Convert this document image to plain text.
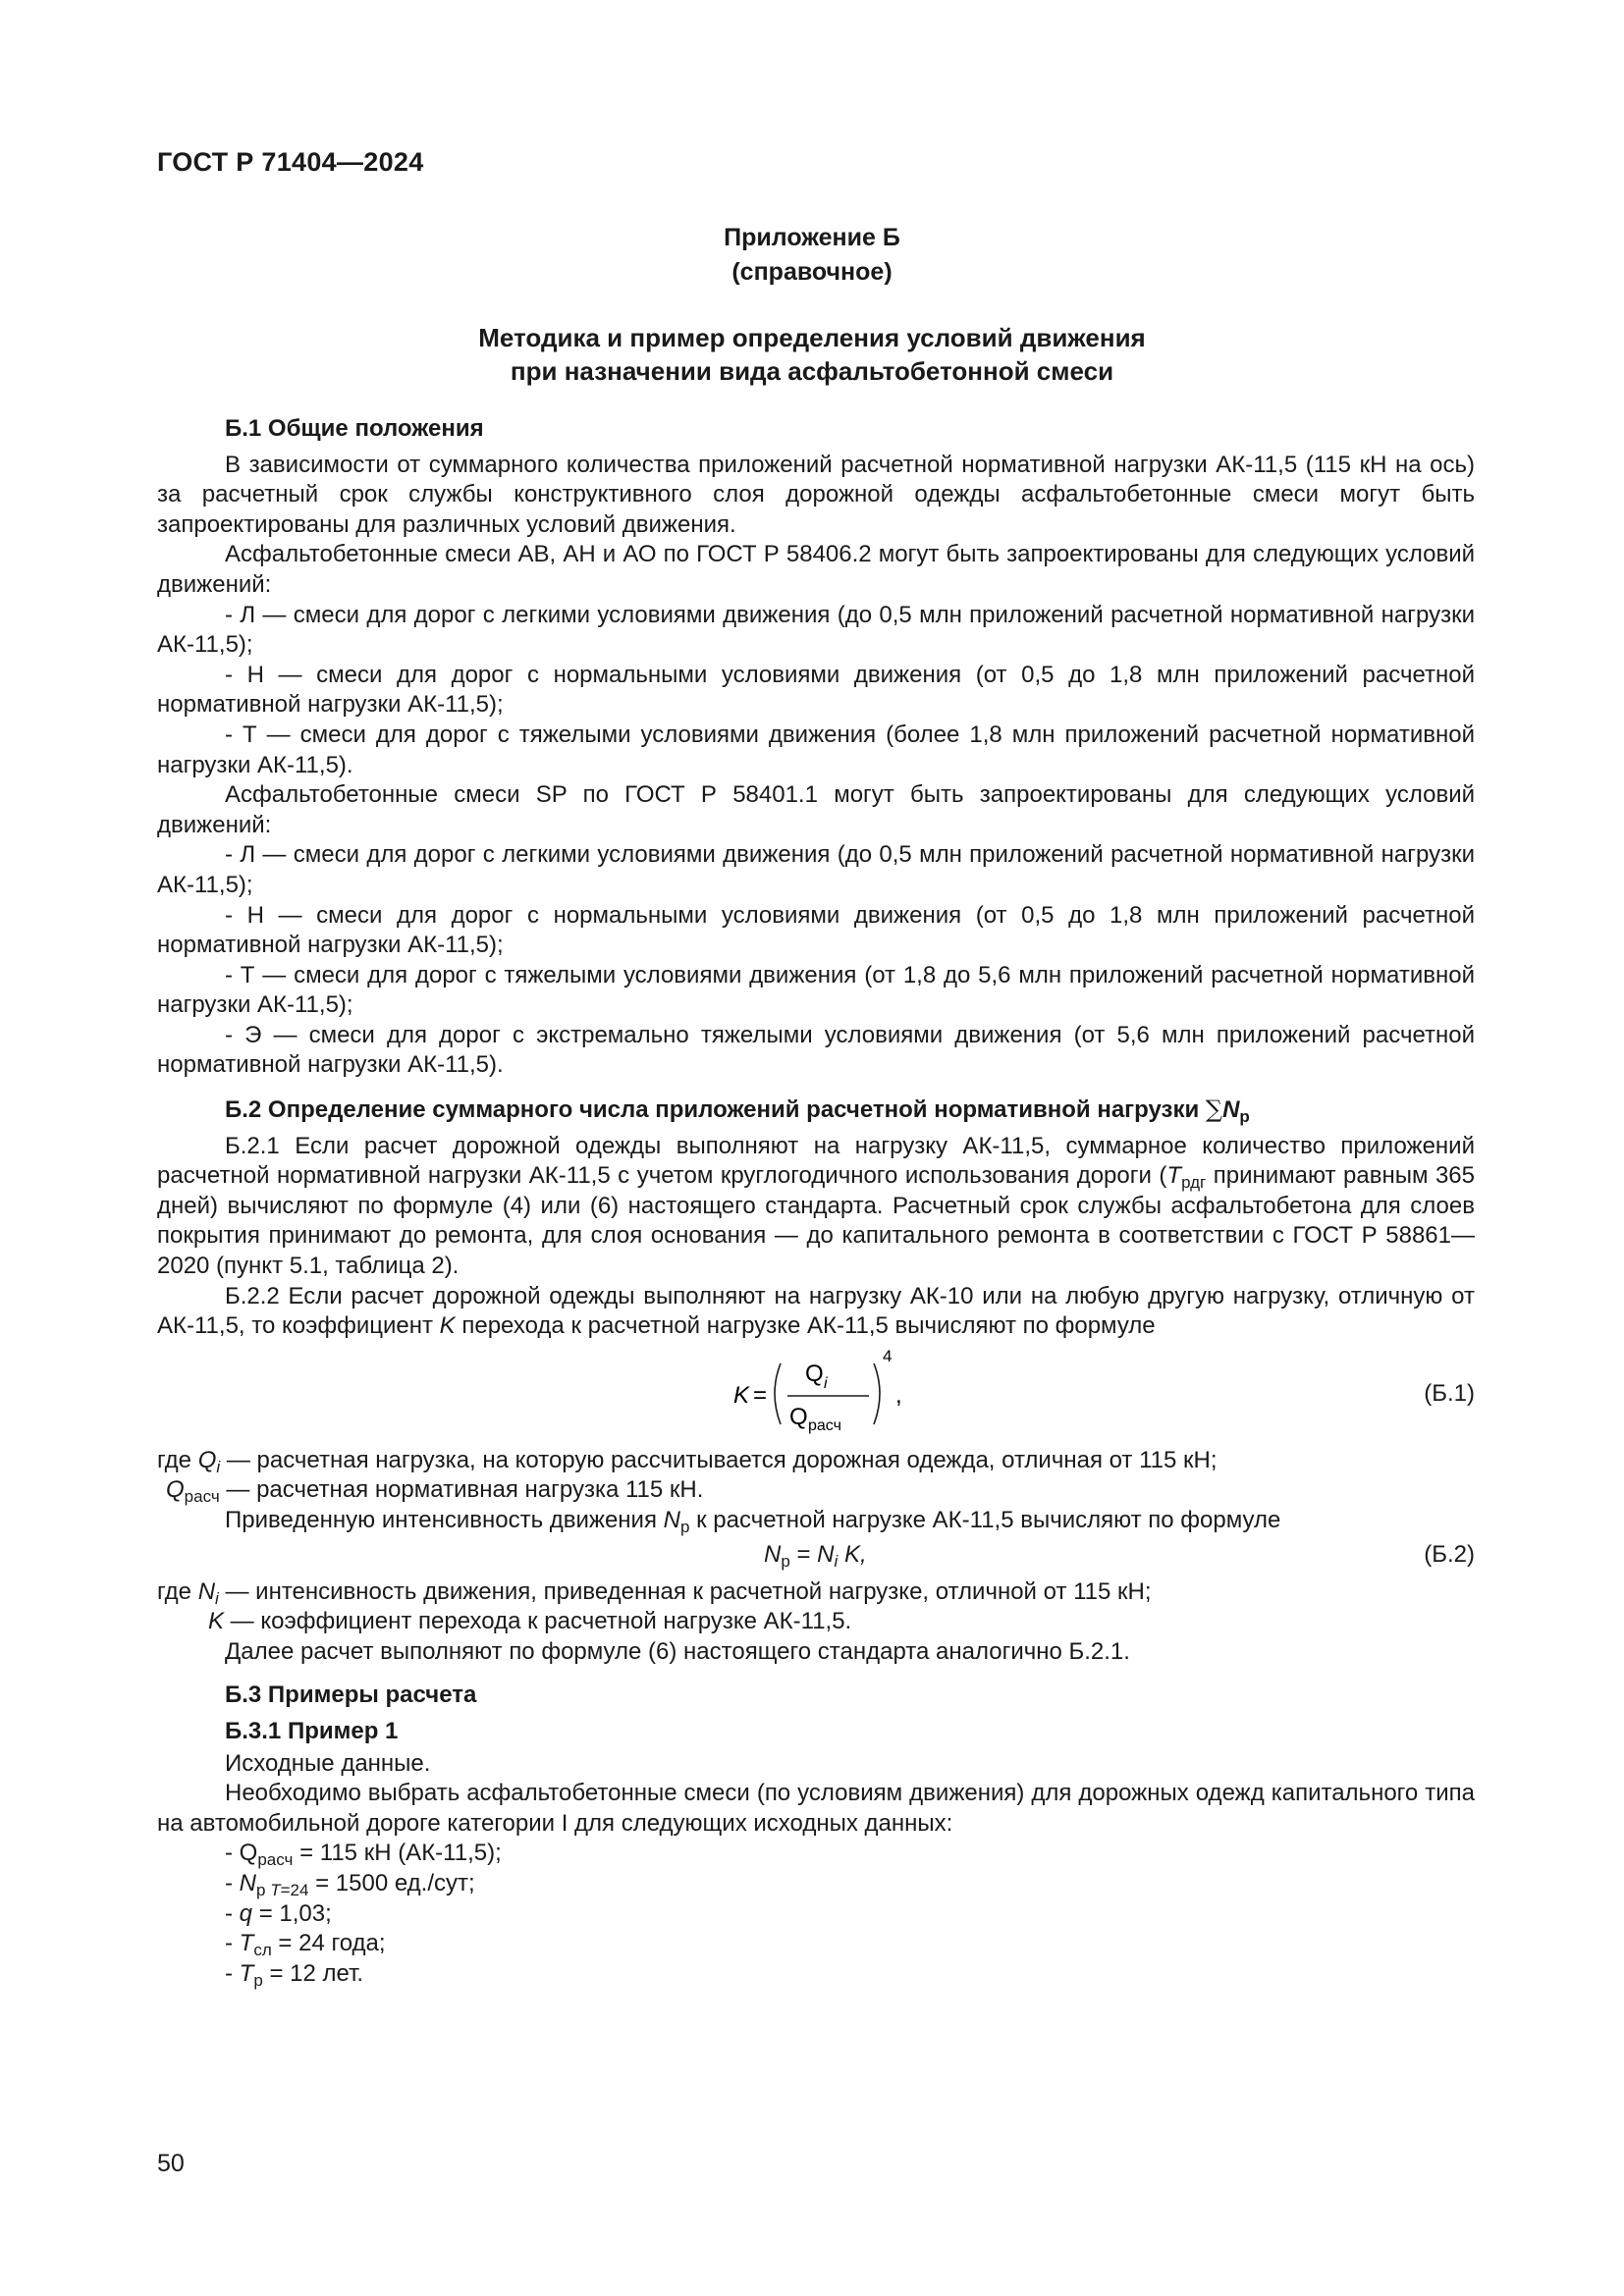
ГОСТ Р 71404—2024
Приложение Б
(справочное)
Методика и пример определения условий движения
при назначении вида асфальтобетонной смеси

Б.1 Общие положения

В зависимости от суммарного количества приложений расчетной нормативной нагрузки АК-11,5 (115 кН на ось) за расчетный срок службы конструктивного слоя дорожной одежды асфальтобетонные смеси могут быть запроектированы для различных условий движения.

Асфальтобетонные смеси АВ, АН и АО по ГОСТ Р 58406.2 могут быть запроектированы для следующих условий движений:

- Л — смеси для дорог с легкими условиями движения (до 0,5 млн приложений расчетной нормативной нагрузки АК-11,5);

- Н — смеси для дорог с нормальными условиями движения (от 0,5 до 1,8 млн приложений расчетной нормативной нагрузки АК-11,5);

- Т — смеси для дорог с тяжелыми условиями движения (более 1,8 млн приложений расчетной нормативной нагрузки АК-11,5).

Асфальтобетонные смеси SP по ГОСТ Р 58401.1 могут быть запроектированы для следующих условий движений:

- Л — смеси для дорог с легкими условиями движения (до 0,5 млн приложений расчетной нормативной нагрузки АК-11,5);

- Н — смеси для дорог с нормальными условиями движения (от 0,5 до 1,8 млн приложений расчетной нормативной нагрузки АК-11,5);

- Т — смеси для дорог с тяжелыми условиями движения (от 1,8 до 5,6 млн приложений расчетной нормативной нагрузки АК-11,5);

- Э — смеси для дорог с экстремально тяжелыми условиями движения (от 5,6 млн приложений расчетной нормативной нагрузки АК-11,5).

Б.2 Определение суммарного числа приложений расчетной нормативной нагрузки $\sum N_р$

Б.2.1 Если расчет дорожной одежды выполняют на нагрузку АК-11,5, суммарное количество приложений расчетной нормативной нагрузки АК-11,5 с учетом круглогодичного использования дороги ($T_{рдг}$ принимают равным 365 дней) вычисляют по формуле (4) или (6) настоящего стандарта. Расчетный срок службы асфальтобетона для слоев покрытия принимают до ремонта, для слоя основания — до капитального ремонта в соответствии с ГОСТ Р 58861—2020 (пункт 5.1, таблица 2).

Б.2.2 Если расчет дорожной одежды выполняют на нагрузку АК-10 или на любую другую нагрузку, отличную от АК-11,5, то коэффициент K перехода к расчетной нагрузке АК-11,5 вычисляют по формуле

K =
Q i
Q расч
4
,	(Б.1)

где $Q_i$ — расчетная нагрузка, на которую рассчитывается дорожная одежда, отличная от 115 кН;

$Q_{расч}$ — расчетная нормативная нагрузка 115 кН.

Приведенную интенсивность движения $N_р$ к расчетной нагрузке АК-11,5 вычисляют по формуле

$N_р = N_i$ K,	(Б.2)

где $N_i$ — интенсивность движения, приведенная к расчетной нагрузке, отличной от 115 кН;

K — коэффициент перехода к расчетной нагрузке АК-11,5.

Далее расчет выполняют по формуле (6) настоящего стандарта аналогично Б.2.1.

Б.3 Примеры расчета

Б.3.1 Пример 1

Исходные данные.

Необходимо выбрать асфальтобетонные смеси (по условиям движения) для дорожных одежд капитального типа на автомобильной дороге категории I для следующих исходных данных:

- $Q_{расч} = 115$ кН (АК-11,5);

- $N_{р T=24} = 1500$ ед./сут;

- q = 1,03;

- $T_{сл} = 24$ года;

- $T_р = 12$ лет.

50
